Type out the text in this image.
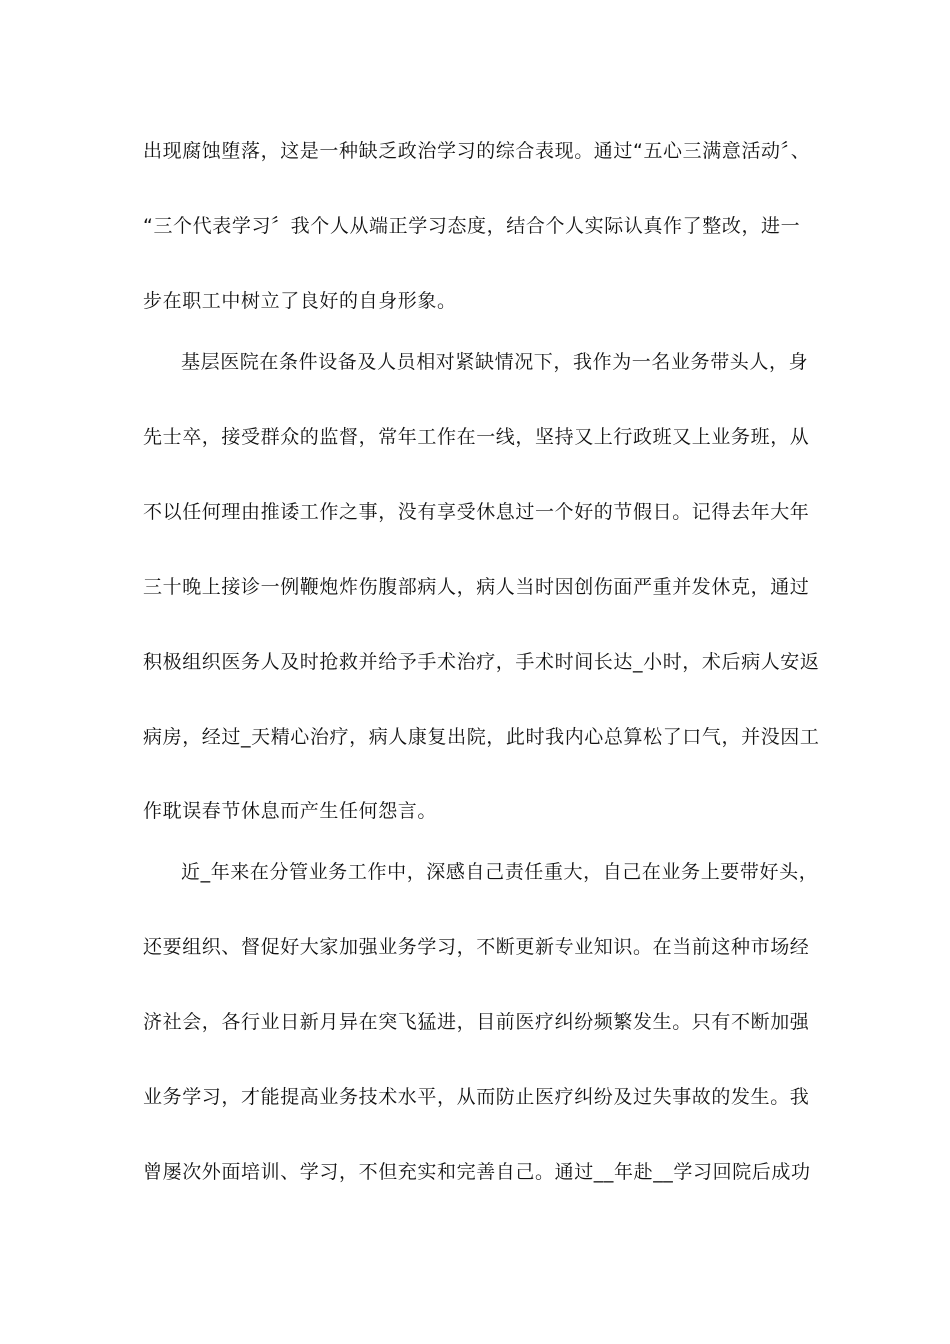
出现腐蚀堕落，这是一种缺乏政治学习的综合表现。通过“五心三满意活动〞、
“三个代表学习〞我个人从端正学习态度，结合个人实际认真作了整改，进一
步在职工中树立了良好的自身形象。
基层医院在条件设备及人员相对紧缺情况下，我作为一名业务带头人，身
先士卒，接受群众的监督，常年工作在一线，坚持又上行政班又上业务班，从
不以任何理由推诿工作之事，没有享受休息过一个好的节假日。记得去年大年
三十晚上接诊一例鞭炮炸伤腹部病人，病人当时因创伤面严重并发休克，通过
积极组织医务人及时抢救并给予手术治疗，手术时间长达_小时，术后病人安返
病房，经过_天精心治疗，病人康复出院，此时我内心总算松了口气，并没因工
作耽误春节休息而产生任何怨言。
近_年来在分管业务工作中，深感自己责任重大，自己在业务上要带好头，
还要组织、督促好大家加强业务学习，不断更新专业知识。在当前这种市场经
济社会，各行业日新月异在突飞猛进，目前医疗纠纷频繁发生。只有不断加强
业务学习，才能提高业务技术水平，从而防止医疗纠纷及过失事故的发生。我
曾屡次外面培训、学习，不但充实和完善自己。通过__年赴__学习回院后成功
